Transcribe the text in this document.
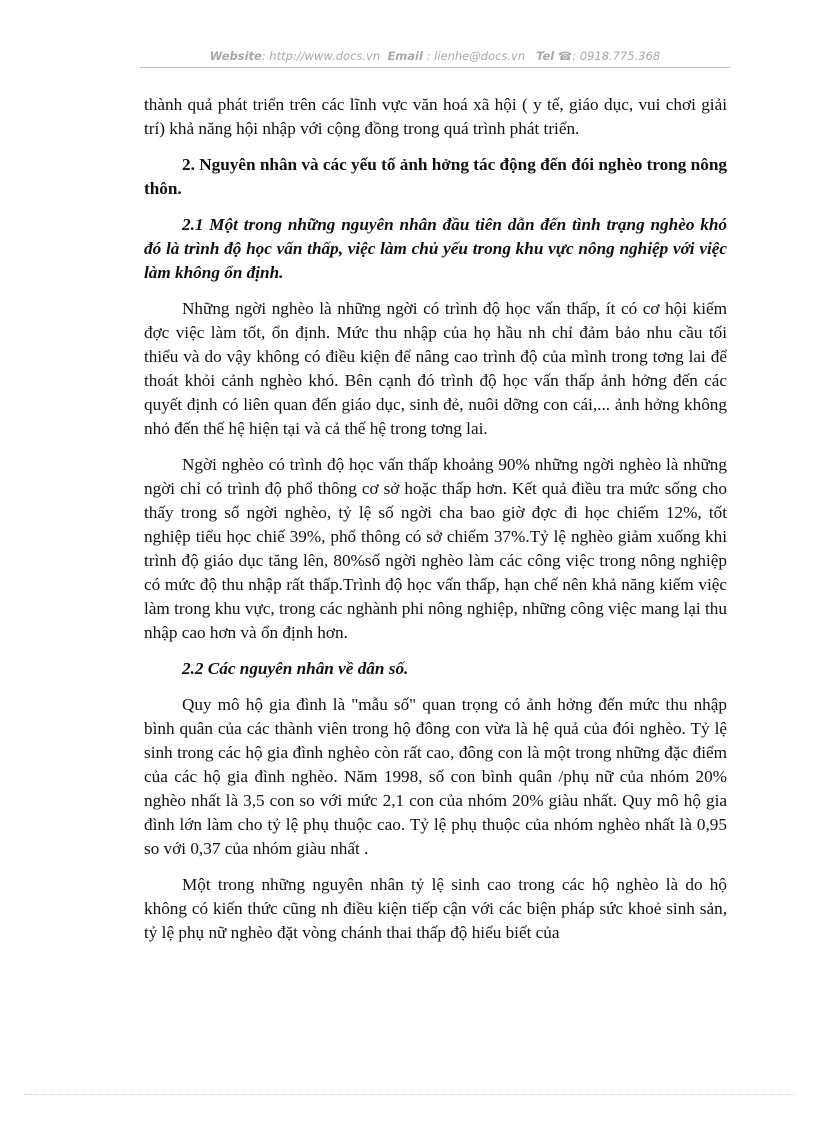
Website: http://www.docs.vn Email : lienhe@docs.vn Tel ☎: 0918.775.368

thành quả phát triển trên các lĩnh vực văn hoá xã hội ( y tế, giáo dục, vui chơi giải trí) khả năng hội nhập với cộng đồng trong quá trình phát triển.

2. Nguyên nhân và các yếu tố ảnh hởng tác động đến đói nghèo trong nông thôn.

2.1 Một trong những nguyên nhân đầu tiên dẫn đến tình trạng nghèo khó đó là trình độ học vấn thấp, việc làm chủ yếu trong khu vực nông nghiệp với việc làm không ổn định.

Những ngời nghèo là những ngời có trình độ học vấn thấp, ít có cơ hội kiếm đợc việc làm tốt, ổn định. Mức thu nhập của họ hầu nh chỉ đảm bảo nhu cầu tối thiểu và do vậy không có điều kiện để nâng cao trình độ của mình trong tơng lai để thoát khỏi cảnh nghèo khó. Bên cạnh đó trình độ học vấn thấp ảnh hởng đến các quyết định có liên quan đến giáo dục, sinh đẻ, nuôi dỡng con cái,... ảnh hởng không nhỏ đến thế hệ hiện tại và cả thế hệ trong tơng lai.

Ngời nghèo có trình độ học vấn thấp khoảng 90% những ngời nghèo là những ngời chỉ có trình độ phổ thông cơ sở hoặc thấp hơn. Kết quả điều tra mức sống cho thấy trong số ngời nghèo, tỷ lệ số ngời cha bao giờ đợc đi học chiếm 12%, tốt nghiệp tiểu học chiế 39%, phổ thông có sở chiếm 37%.Tỷ lệ nghèo giảm xuống khi trình độ giáo dục tăng lên, 80%số ngời nghèo làm các công việc trong nông nghiệp có mức độ thu nhập rất thấp.Trình độ học vấn thấp, hạn chế nên khả năng kiếm việc làm trong khu vực, trong các nghành phi nông nghiệp, những công việc mang lại thu nhập cao hơn và ổn định hơn.

2.2 Các nguyên nhân về dân số.

Quy mô hộ gia đình là "mẫu số" quan trọng có ảnh hởng đến mức thu nhập bình quân của các thành viên trong hộ đông con vừa là hệ quả của đói nghèo. Tỷ lệ sinh trong các hộ gia đình nghèo còn rất cao, đông con là một trong những đặc điểm của các hộ gia đình nghèo. Năm 1998, số con bình quân /phụ nữ của nhóm 20% nghèo nhất là 3,5 con so với mức 2,1 con của nhóm 20% giàu nhất. Quy mô hộ gia đình lớn làm cho tỷ lệ phụ thuộc cao. Tỷ lệ phụ thuộc của nhóm nghèo nhất là 0,95 so với 0,37 của nhóm giàu nhất .

Một trong những nguyên nhân tỷ lệ sinh cao trong các hộ nghèo là do hộ không có kiến thức cũng nh điều kiện tiếp cận với các biện pháp sức khoẻ sinh sản, tỷ lệ phụ nữ nghèo đặt vòng chánh thai thấp độ hiểu biết của
